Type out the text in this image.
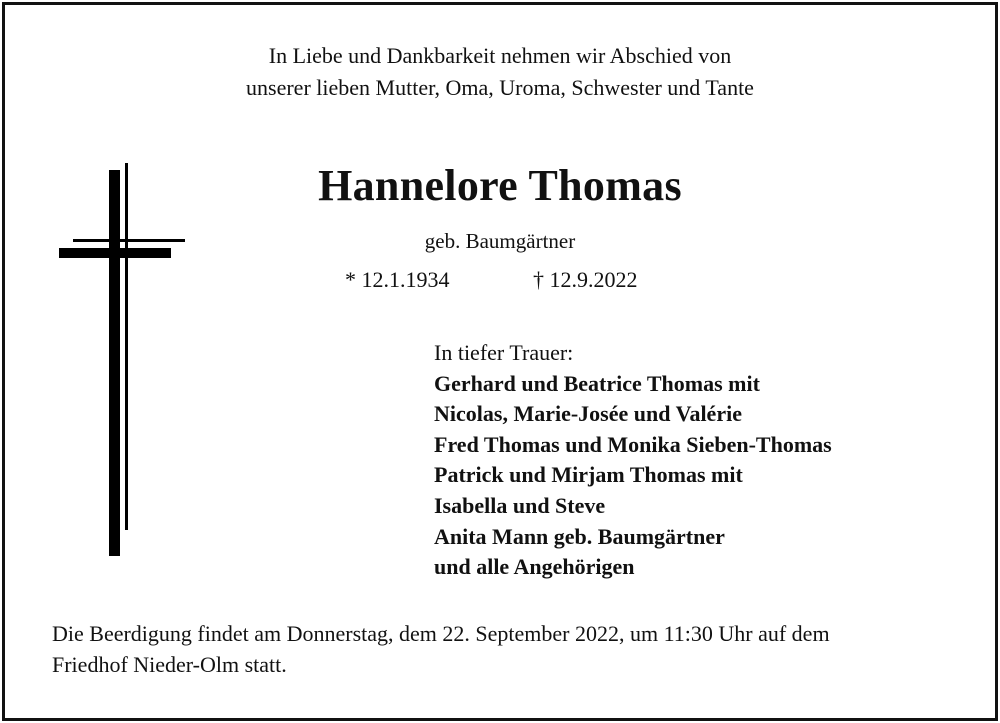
In Liebe und Dankbarkeit nehmen wir Abschied von
unserer lieben Mutter, Oma, Uroma, Schwester und Tante
Hannelore Thomas
geb. Baumgärtner
* 12.1.1934	† 12.9.2022
In tiefer Trauer:
Gerhard und Beatrice Thomas mit
Nicolas, Marie-Josée und Valérie
Fred Thomas und Monika Sieben-Thomas
Patrick und Mirjam Thomas mit
Isabella und Steve
Anita Mann geb. Baumgärtner
und alle Angehörigen
Die Beerdigung findet am Donnerstag, dem 22. September 2022, um 11:30 Uhr auf dem
Friedhof Nieder-Olm statt.
